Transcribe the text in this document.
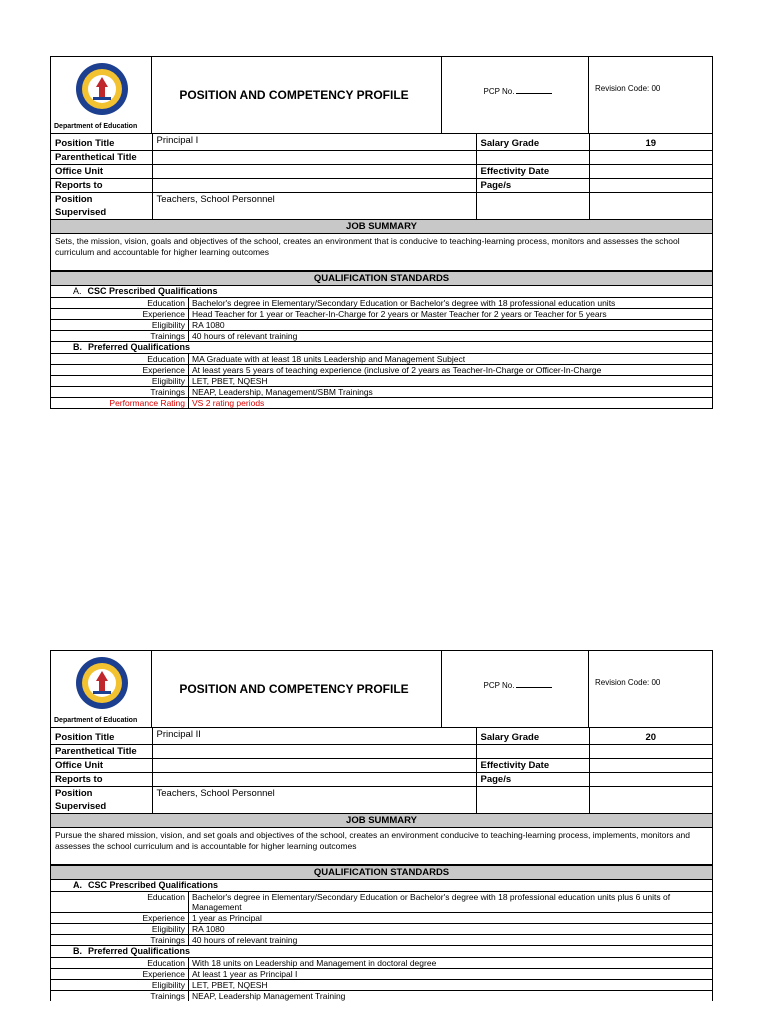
Department of Education
POSITION AND COMPETENCY PROFILE	PCP No.	Revision Code: 00
Position Title	Principal I	Salary Grade	19
Parenthetical Title			
Office Unit		Effectivity Date	
Reports to		Page/s	

Position
Supervised	Teachers, School Personnel		
JOB SUMMARY
Sets, the mission, vision, goals and objectives of the school, creates an environment that is conducive to teaching-learning process, monitors and assesses the school curriculum and accountable for higher learning outcomes
QUALIFICATION STANDARDS
A. CSC Prescribed Qualifications
Education	Bachelor's degree in Elementary/Secondary Education or Bachelor's degree with 18 professional education units
Experience	Head Teacher for 1 year or Teacher-In-Charge for 2 years or Master Teacher for 2 years or Teacher for 5 years
Eligibility	RA 1080
Trainings	40 hours of relevant training
B. Preferred Qualifications
Education	MA Graduate with at least 18 units Leadership and Management Subject
Experience	At least years 5 years of teaching experience (inclusive of 2 years as Teacher-In-Charge or Officer-In-Charge
Eligibility	LET, PBET, NQESH
Trainings	NEAP, Leadership, Management/SBM Trainings
Performance Rating	VS 2 rating periods
Department of Education
POSITION AND COMPETENCY PROFILE	PCP No.	Revision Code: 00
Position Title	Principal II	Salary Grade	20
Parenthetical Title			
Office Unit		Effectivity Date	
Reports to		Page/s	

Position
Supervised	Teachers, School Personnel		
JOB SUMMARY
Pursue the shared mission, vision, and set goals and objectives of the school, creates an environment conducive to teaching-learning process, implements, monitors and assesses the school curriculum and is accountable for higher learning outcomes
QUALIFICATION STANDARDS
A. CSC Prescribed Qualifications
Education	Bachelor's degree in Elementary/Secondary Education or Bachelor's degree with 18 professional education units plus 6 units of Management
Experience	1 year as Principal
Eligibility	RA 1080
Trainings	40 hours of relevant training
B. Preferred Qualifications
Education	With 18 units on Leadership and Management in doctoral degree
Experience	At least 1 year as Principal I
Eligibility	LET, PBET, NQESH
Trainings	NEAP, Leadership Management Training
